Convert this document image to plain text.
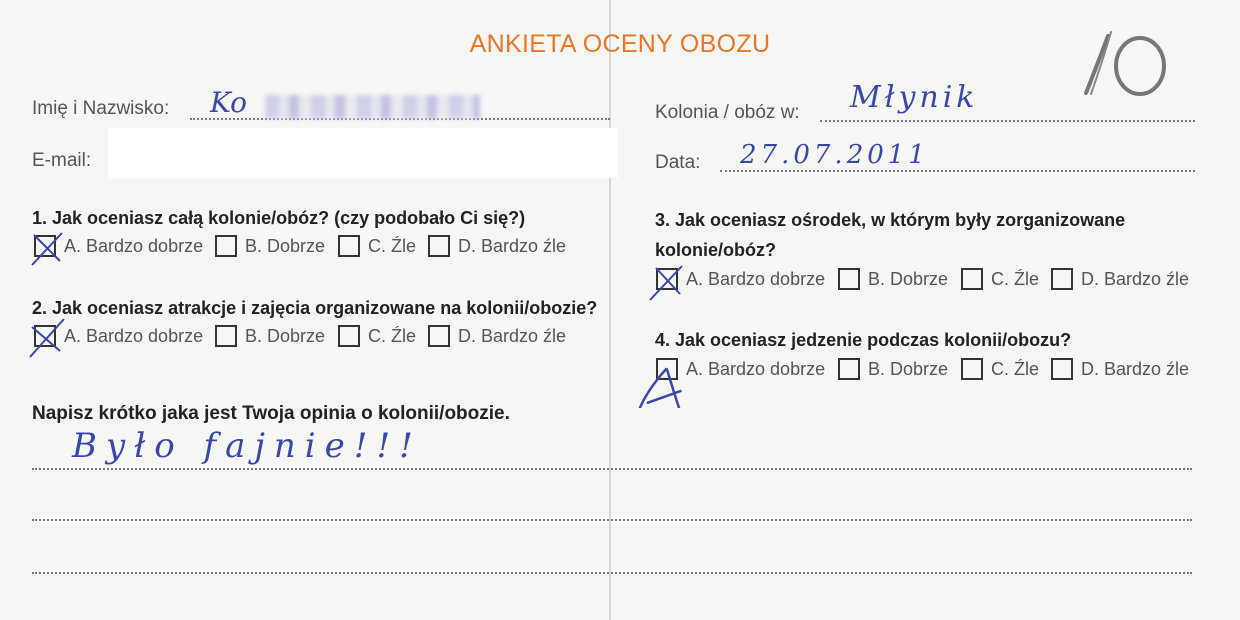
ANKIETA OCENY OBOZU
Imię i Nazwisko: Ko
E-mail:
1. Jak oceniasz całą kolonie/obóz? (czy podobało Ci się?)
2. Jak oceniasz atrakcje i zajęcia organizowane na kolonii/obozie?
Napisz krótko jaka jest Twoja opinia o kolonii/obozie.
Było fajnie!!!
Kolonia / obóz w: Młynik
Data: 27.07.2011
3. Jak oceniasz ośrodek, w którym były zorganizowane
kolonie/obóz?
4. Jak oceniasz jedzenie podczas kolonii/obozu?
A. Bardzo dobrze B. Dobrze C. Źle D. Bardzo źle
A. Bardzo dobrze B. Dobrze C. Źle D. Bardzo źle
A. Bardzo dobrze B. Dobrze C. Źle D. Bardzo źle
A. Bardzo dobrze B. Dobrze C. Źle D. Bardzo źle
